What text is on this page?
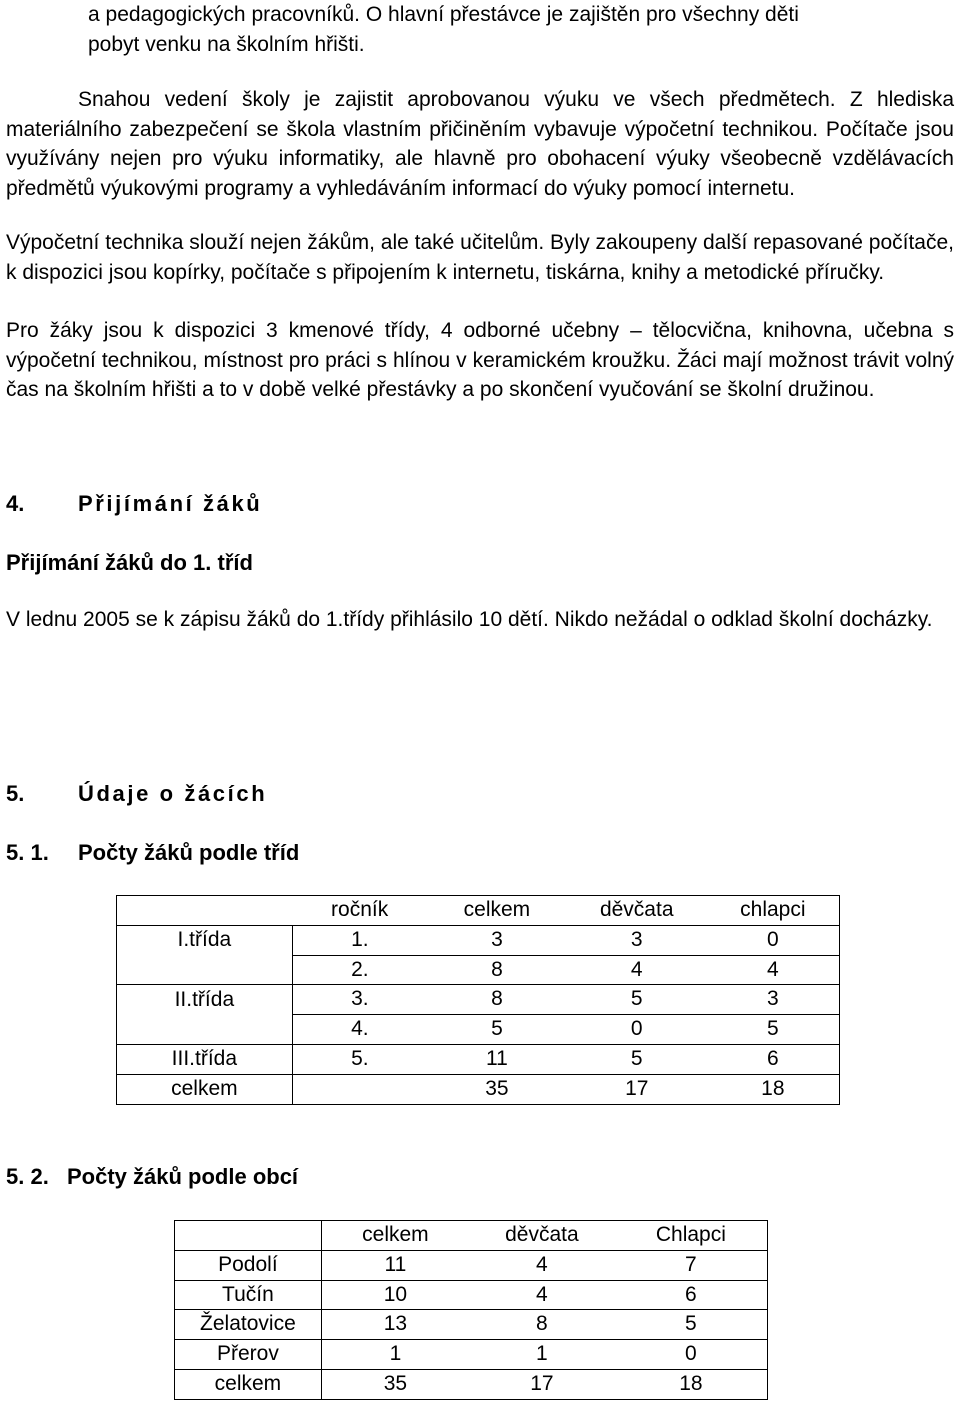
a pedagogických pracovníků. O hlavní přestávce je zajištěn pro všechny děti
pobyt venku na školním hřišti.

Snahou vedení školy je zajistit aprobovanou výuku ve všech předmětech. Z hlediska materiálního zabezpečení se škola vlastním přičiněním vybavuje výpočetní technikou. Počítače jsou využívány nejen pro výuku informatiky, ale hlavně pro obohacení výuky všeobecně vzdělávacích předmětů výukovými programy a vyhledáváním informací do výuky pomocí internetu.

Výpočetní technika slouží nejen žákům, ale také učitelům. Byly zakoupeny další repasované počítače, k dispozici jsou kopírky, počítače s připojením k internetu, tiskárna, knihy a metodické příručky.

Pro žáky jsou k dispozici 3 kmenové třídy, 4 odborné učebny – tělocvična, knihovna, učebna s výpočetní technikou, místnost pro práci s hlínou v keramickém kroužku. Žáci mají možnost trávit volný čas na školním hřišti a to v době velké přestávky a po skončení vyučování se školní družinou.

4. Přijímání žáků
Přijímání žáků do 1. tříd

V lednu 2005 se k zápisu žáků do 1.třídy přihlásilo 10 dětí. Nikdo nežádal o odklad školní docházky.

5. Údaje o žácích
5. 1. Počty žáků podle tříd
	ročník	celkem	děvčata	chlapci
I.třída	1.	3	3	0
	2.	8	4	4
II.třída	3.	8	5	3
	4.	5	0	5
III.třída	5.	11	5	6
celkem		35	17	18
5. 2. Počty žáků podle obcí
	celkem	děvčata	Chlapci
Podolí	11	4	7
Tučín	10	4	6
Želatovice	13	8	5
Přerov	1	1	0
celkem	35	17	18
